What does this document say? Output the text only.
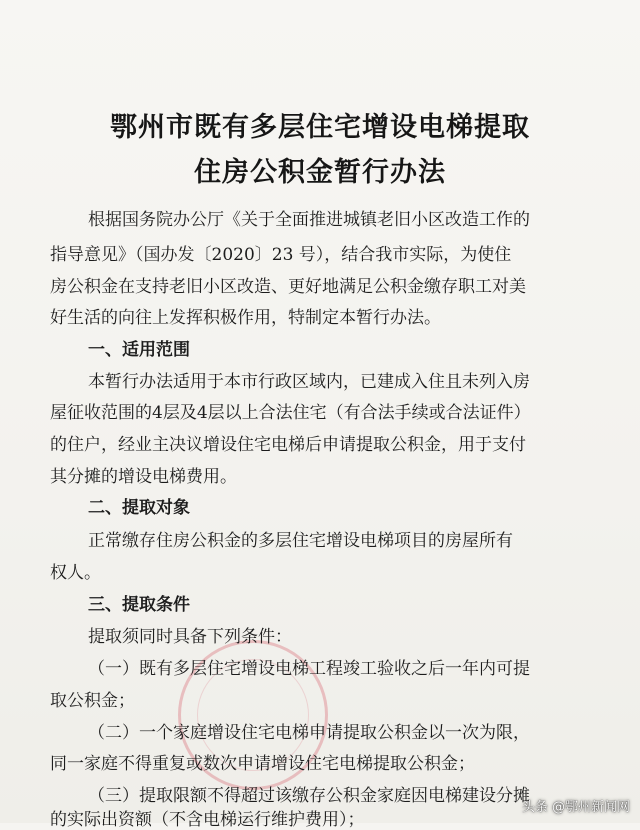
鄂州市既有多层住宅增设电梯提取
住房公积金暂行办法
根据国务院办公厅《关于全面推进城镇老旧小区改造工作的
指导意见》（国办发〔2020〕23 号），结合我市实际，为使住
房公积金在支持老旧小区改造、更好地满足公积金缴存职工对美
好生活的向往上发挥积极作用，特制定本暂行办法。
一、适用范围
本暂行办法适用于本市行政区域内，已建成入住且未列入房
屋征收范围的4层及4层以上合法住宅（有合法手续或合法证件）
的住户，经业主决议增设住宅电梯后申请提取公积金，用于支付
其分摊的增设电梯费用。
二、提取对象
正常缴存住房公积金的多层住宅增设电梯项目的房屋所有
权人。
三、提取条件
提取须同时具备下列条件：
（一）既有多层住宅增设电梯工程竣工验收之后一年内可提
取公积金；
（二）一个家庭增设住宅电梯申请提取公积金以一次为限，
同一家庭不得重复或数次申请增设住宅电梯提取公积金；
（三）提取限额不得超过该缴存公积金家庭因电梯建设分摊
的实际出资额（不含电梯运行维护费用）；
头条 @鄂州新闻网
